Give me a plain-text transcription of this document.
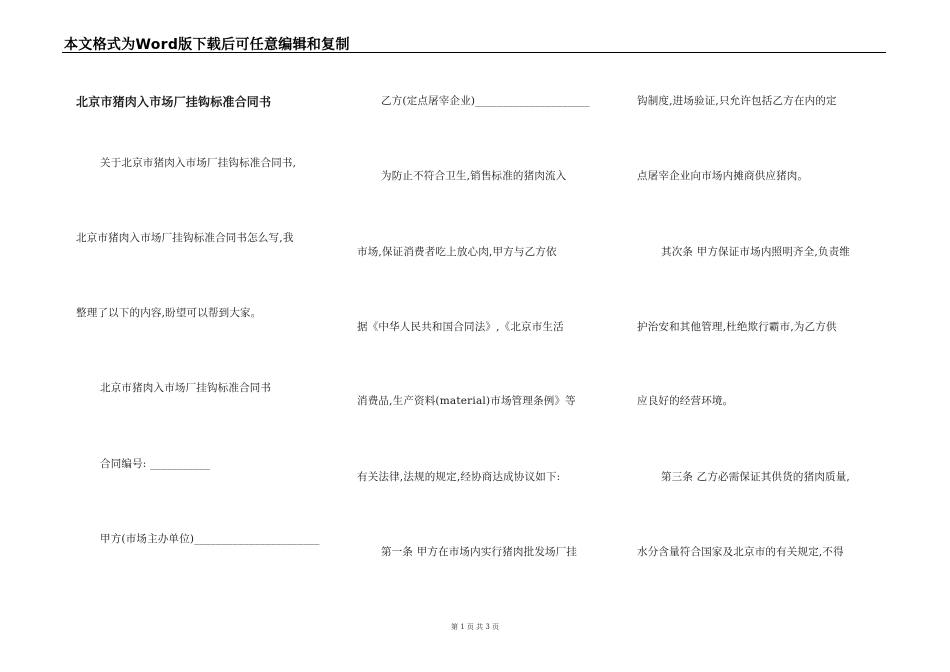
本文格式为Word版下载后可任意编辑和复制
北京市猪肉入市场厂挂钩标准合同书
关于北京市猪肉入市场厂挂钩标准合同书,
北京市猪肉入市场厂挂钩标准合同书怎么写,我
整理了以下的内容,盼望可以帮到大家。
北京市猪肉入市场厂挂钩标准合同书
合同编号: ___________
甲方(市场主办单位)_______________________
乙方(定点屠宰企业)_____________________
为防止不符合卫生,销售标准的猪肉流入
市场,保证消费者吃上放心肉,甲方与乙方依
据《中华人民共和国合同法》,《北京市生活
消费品,生产资料(material)市场管理条例》等
有关法律,法规的规定,经协商达成协议如下:
第一条 甲方在市场内实行猪肉批发场厂挂
钩制度,进场验证,只允许包括乙方在内的定
点屠宰企业向市场内摊商供应猪肉。
其次条 甲方保证市场内照明齐全,负责维
护治安和其他管理,杜绝欺行霸市,为乙方供
应良好的经营环境。
第三条 乙方必需保证其供货的猪肉质量,
水分含量符合国家及北京市的有关规定,不得
第 1 页 共 3 页
